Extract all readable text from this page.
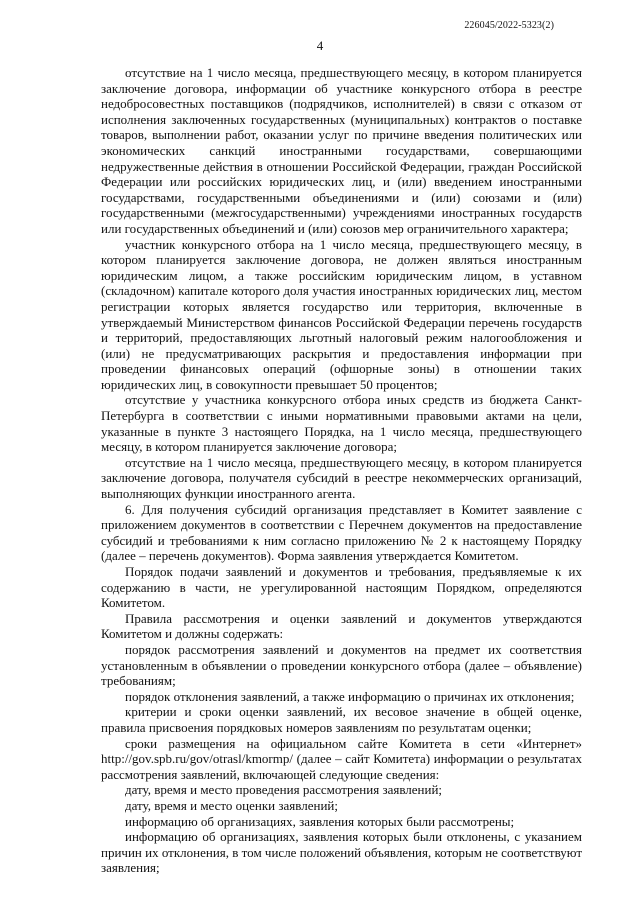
226045/2022-5323(2)
4

отсутствие на 1 число месяца, предшествующего месяцу, в котором планируется заключение договора, информации об участнике конкурсного отбора в реестре недобросовестных поставщиков (подрядчиков, исполнителей) в связи с отказом от исполнения заключенных государственных (муниципальных) контрактов о поставке товаров, выполнении работ, оказании услуг по причине введения политических или экономических санкций иностранными государствами, совершающими недружественные действия в отношении Российской Федерации, граждан Российской Федерации или российских юридических лиц, и (или) введением иностранными государствами, государственными объединениями и (или) союзами и (или) государственными (межгосударственными) учреждениями иностранных государств или государственных объединений и (или) союзов мер ограничительного характера;

участник конкурсного отбора на 1 число месяца, предшествующего месяцу, в котором планируется заключение договора, не должен являться иностранным юридическим лицом, а также российским юридическим лицом, в уставном (складочном) капитале которого доля участия иностранных юридических лиц, местом регистрации которых является государство или территория, включенные в утверждаемый Министерством финансов Российской Федерации перечень государств и территорий, предоставляющих льготный налоговый режим налогообложения и (или) не предусматривающих раскрытия и предоставления информации при проведении финансовых операций (офшорные зоны) в отношении таких юридических лиц, в совокупности превышает 50 процентов;

отсутствие у участника конкурсного отбора иных средств из бюджета Санкт-Петербурга в соответствии с иными нормативными правовыми актами на цели, указанные в пункте 3 настоящего Порядка, на 1 число месяца, предшествующего месяцу, в котором планируется заключение договора;

отсутствие на 1 число месяца, предшествующего месяцу, в котором планируется заключение договора, получателя субсидий в реестре некоммерческих организаций, выполняющих функции иностранного агента.

6. Для получения субсидий организация представляет в Комитет заявление с приложением документов в соответствии с Перечнем документов на предоставление субсидий и требованиями к ним согласно приложению № 2 к настоящему Порядку (далее – перечень документов). Форма заявления утверждается Комитетом.

Порядок подачи заявлений и документов и требования, предъявляемые к их содержанию в части, не урегулированной настоящим Порядком, определяются Комитетом.

Правила рассмотрения и оценки заявлений и документов утверждаются Комитетом и должны содержать:

порядок рассмотрения заявлений и документов на предмет их соответствия установленным в объявлении о проведении конкурсного отбора (далее – объявление) требованиям;

порядок отклонения заявлений, а также информацию о причинах их отклонения;

критерии и сроки оценки заявлений, их весовое значение в общей оценке, правила присвоения порядковых номеров заявлениям по результатам оценки;

сроки размещения на официальном сайте Комитета в сети «Интернет» http://gov.spb.ru/gov/otrasl/kmormp/ (далее – сайт Комитета) информации о результатах рассмотрения заявлений, включающей следующие сведения:

дату, время и место проведения рассмотрения заявлений;

дату, время и место оценки заявлений;

информацию об организациях, заявления которых были рассмотрены;

информацию об организациях, заявления которых были отклонены, с указанием причин их отклонения, в том числе положений объявления, которым не соответствуют заявления;
